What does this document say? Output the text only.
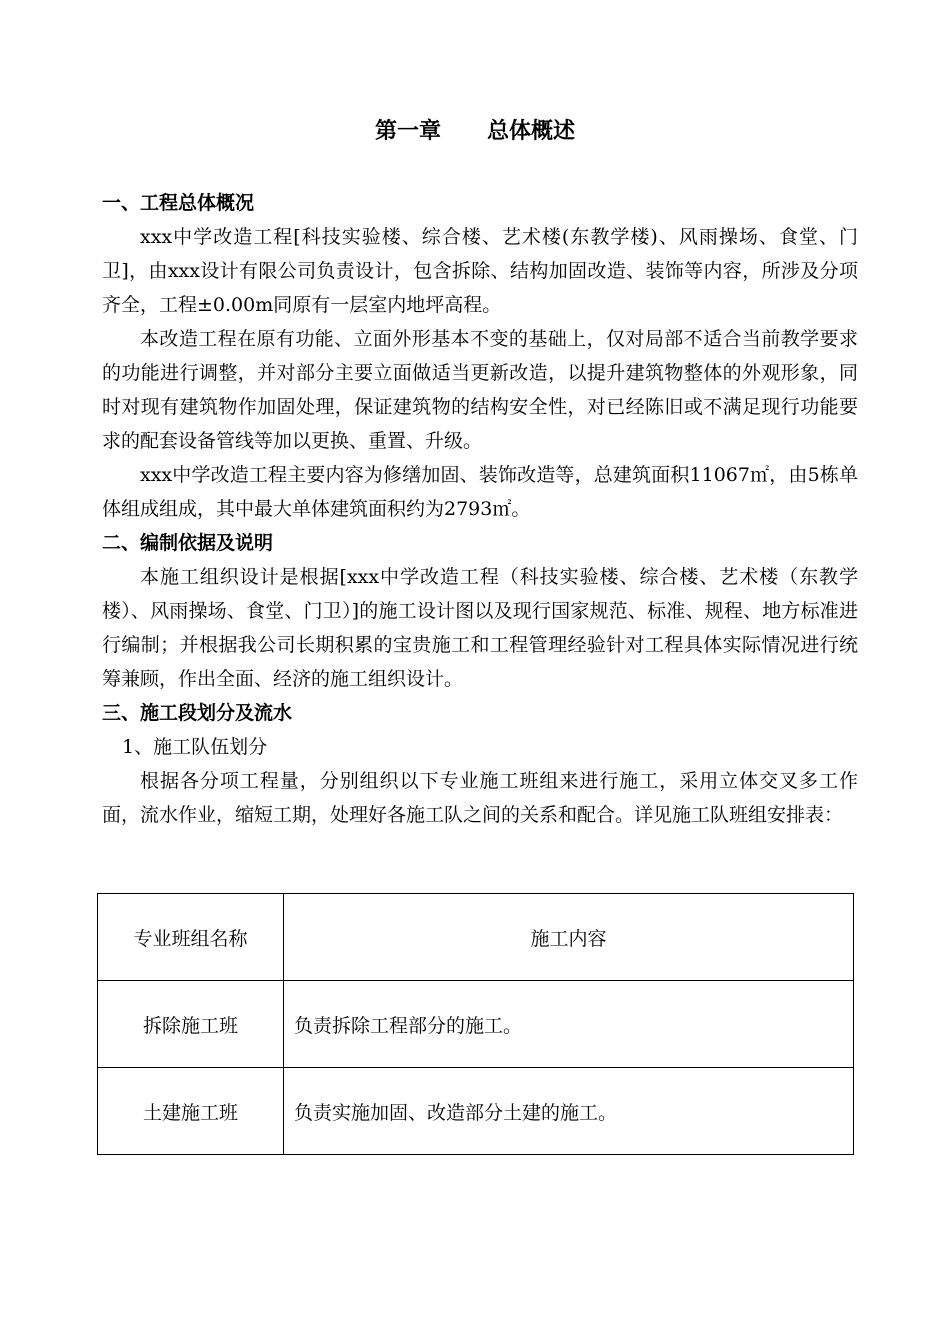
第一章      总体概述

一、工程总体概况

xxx中学改造工程[科技实验楼、综合楼、艺术楼(东教学楼)、风雨操场、食堂、门卫]，由xxx设计有限公司负责设计，包含拆除、结构加固改造、装饰等内容，所涉及分项齐全，工程±0.00m同原有一层室内地坪高程。

本改造工程在原有功能、立面外形基本不变的基础上，仅对局部不适合当前教学要求的功能进行调整，并对部分主要立面做适当更新改造，以提升建筑物整体的外观形象，同时对现有建筑物作加固处理，保证建筑物的结构安全性，对已经陈旧或不满足现行功能要求的配套设备管线等加以更换、重置、升级。

xxx中学改造工程主要内容为修缮加固、装饰改造等，总建筑面积11067㎡，由5栋单体组成组成，其中最大单体建筑面积约为2793㎡。

二、编制依据及说明

本施工组织设计是根据[xxx中学改造工程（科技实验楼、综合楼、艺术楼（东教学楼）、风雨操场、食堂、门卫）]的施工设计图以及现行国家规范、标准、规程、地方标准进行编制；并根据我公司长期积累的宝贵施工和工程管理经验针对工程具体实际情况进行统筹兼顾，作出全面、经济的施工组织设计。

三、施工段划分及流水

1、施工队伍划分

根据各分项工程量，分别组织以下专业施工班组来进行施工，采用立体交叉多工作面，流水作业，缩短工期，处理好各施工队之间的关系和配合。详见施工队班组安排表：

专业班组名称	施工内容
拆除施工班	负责拆除工程部分的施工。
土建施工班	负责实施加固、改造部分土建的施工。
